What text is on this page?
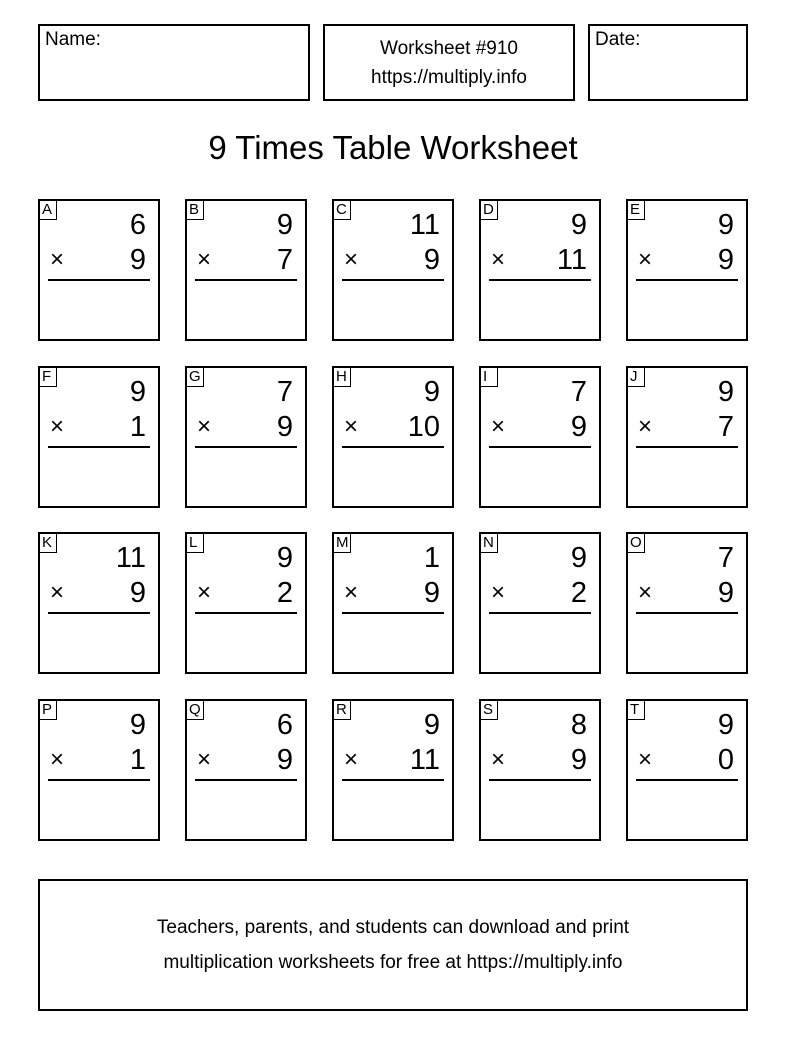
Name:	Worksheet #910
https://multiply.info
Date:
9 Times Table Worksheet
A	6
× 9
B	9
× 7
C 11
× 9
D	9
× 11
E	9
× 9
F	9
× 1
G	7
× 9
H	9
× 10
I	7
× 9
J	9
× 7
K 11
× 9
L	9
× 2
M	1
× 9
N	9
× 2
O	7
× 9
P	9
× 1
Q	6
× 9
R	9
× 11
S	8
× 9
T	9
× 0
Teachers, parents, and students can download and print
multiplication worksheets for free at https://multiply.info
